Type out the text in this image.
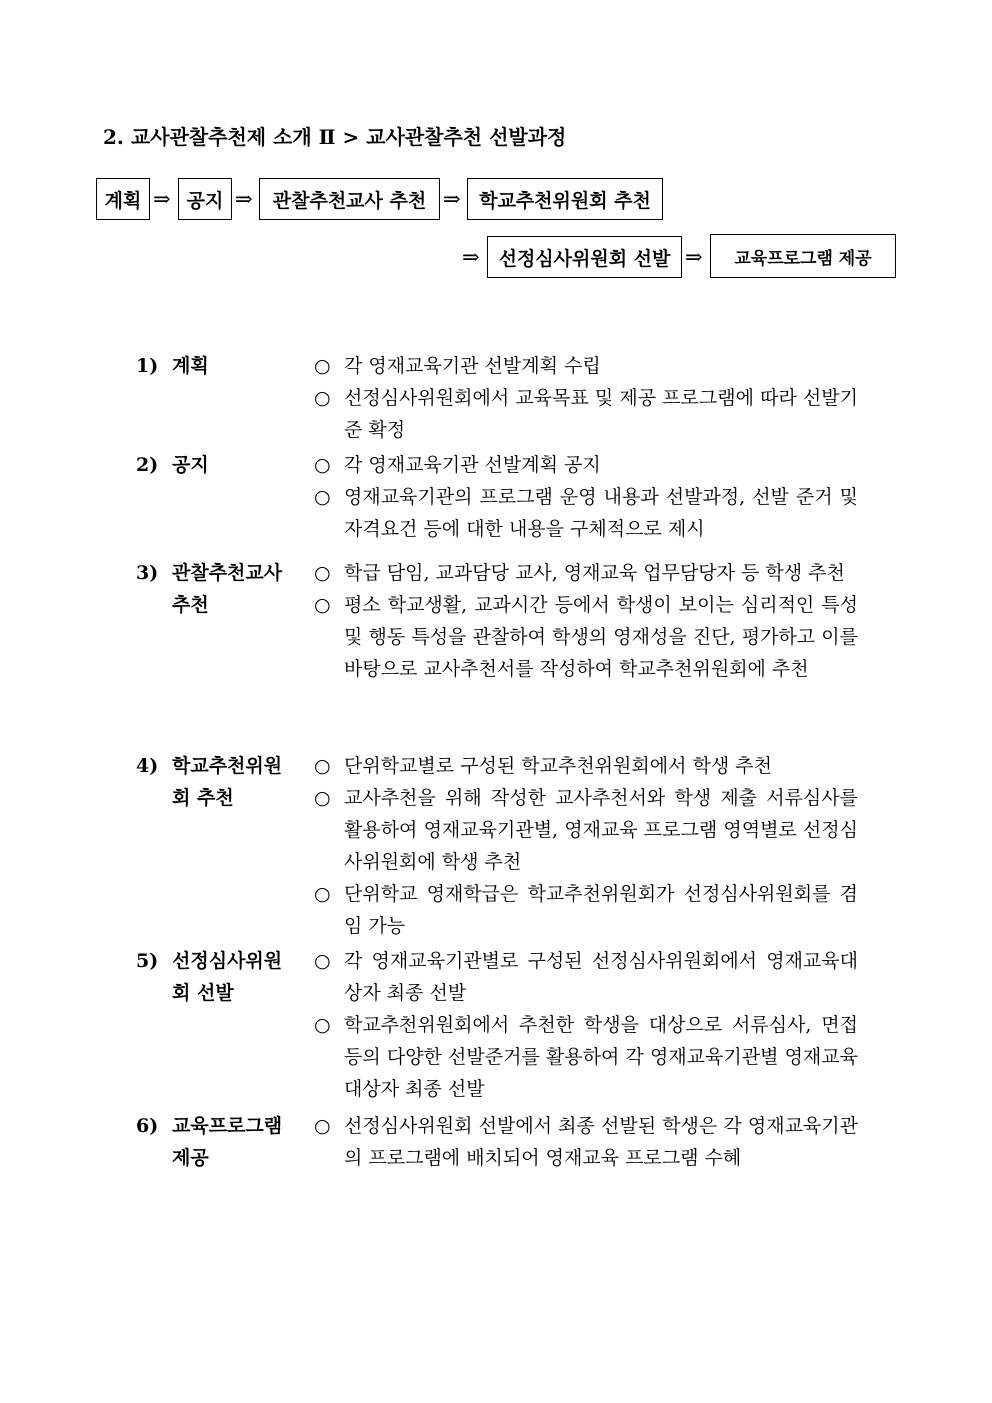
2. 교사관찰추천제 소개 Ⅱ > 교사관찰추천 선발과정
계획 ⇒ 공지 ⇒	관찰추천교사 추천 ⇒ 학교추천위원회 추천
⇒ 선정심사위원회 선발 ⇒	교육프로그램 제공
1) 계획	○ 각 영재교육기관 선발계획 수립
○ 선정심사위원회에서 교육목표 및 제공 프로그램에 따라 선발기준 확정
2) 공지	○ 각 영재교육기관 선발계획 공지
○ 영재교육기관의 프로그램 운영 내용과 선발과정, 선발 준거 및 자격요건 등에 대한 내용을 구체적으로 제시
3) 관찰추천교사 추천
○ 학급 담임, 교과담당 교사, 영재교육 업무담당자 등 학생 추천
○ 평소 학교생활, 교과시간 등에서 학생이 보이는 심리적인 특성 및 행동 특성을 관찰하여 학생의 영재성을 진단, 평가하고 이를 바탕으로 교사추천서를 작성하여 학교추천위원회에 추천
4) 학교추천위원회 추천
○ 단위학교별로 구성된 학교추천위원회에서 학생 추천
○ 교사추천을 위해 작성한 교사추천서와 학생 제출 서류심사를 활용하여 영재교육기관별, 영재교육 프로그램 영역별로 선정심사위원회에 학생 추천
○ 단위학교 영재학급은 학교추천위원회가 선정심사위원회를 겸임 가능
5) 선정심사위원회 선발
○ 각 영재교육기관별로 구성된 선정심사위원회에서 영재교육대상자 최종 선발
○ 학교추천위원회에서 추천한 학생을 대상으로 서류심사, 면접 등의 다양한 선발준거를 활용하여 각 영재교육기관별 영재교육대상자 최종 선발
6) 교육프로그램 제공
○ 선정심사위원회 선발에서 최종 선발된 학생은 각 영재교육기관의 프로그램에 배치되어 영재교육 프로그램 수혜
